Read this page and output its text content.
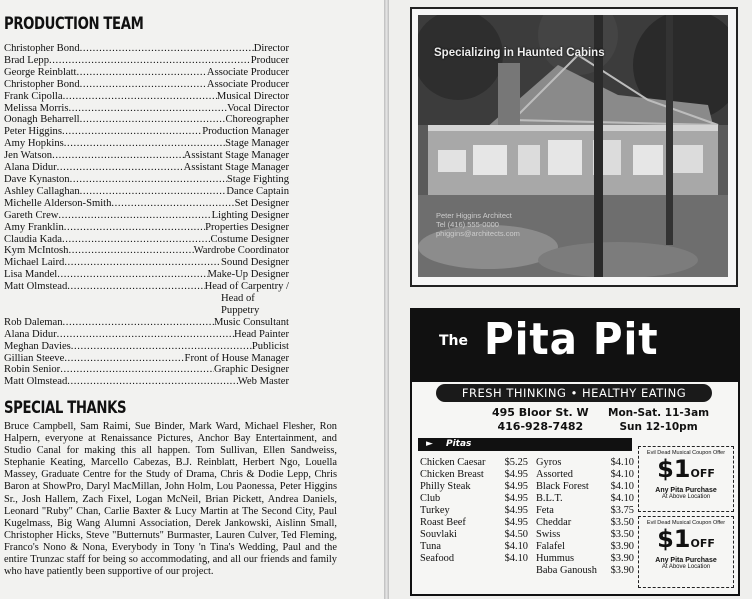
PRODUCTION TEAM
Christopher Bond .....	Director
Brad Lepp .....	Producer
George Reinblatt .....	Associate Producer
Christopher Bond .....	Associate Producer
Frank Cipolla .....	Musical Director
Melissa Morris .....	Vocal Director
Oonagh Beharrell .....	Choreographer
Peter Higgins .....	Production Manager
Amy Hopkins .....	Stage Manager
Jen Watson .....	Assistant Stage Manager
Alana Didur .....	Assistant Stage Manager
Dave Kynaston .....	Stage Fighting
Ashley Callaghan .....	Dance Captain
Michelle Alderson-Smith .....	Set Designer
Gareth Crew .....	Lighting Designer
Amy Franklin .....	Properties Designer
Claudia Kada .....	Costume Designer
Kym McIntosh .....	Wardrobe Coordinator
Michael Laird .....	Sound Designer
Lisa Mandel .....	Make-Up Designer
Matt Olmstead .....	Head of Carpentry /
Head of Puppetry
Rob Daleman .....	Music Consultant
Alana Didur .....	Head Painter
Meghan Davies .....	Publicist
Gillian Steeve .....	Front of House Manager
Robin Senior .....	Graphic Designer
Matt Olmstead .....	Web Master
SPECIAL THANKS
Bruce Campbell, Sam Raimi, Sue Binder, Mark Ward, Michael Flesher, Ron Halpern, everyone at Renaissance Pictures, Anchor Bay Entertainment, and Studio Canal for making this all happen. Tom Sullivan, Ellen Sandweiss, Stephanie Keating, Marcello Cabezas, B.J. Reinblatt, Herbert Ngo, Louella Massey, Graduate Centre for the Study of Drama, Chris & Dodie Lepp, Chris Baron at ShowPro, Daryl MacMillan, John Holm, Lou Paonessa, Peter Higgins Sr., Josh Hallem, Zach Fixel, Logan McNeil, Brian Pickett, Andrea Daniels, Leonard "Ruby" Chan, Carlie Baxter & Lucy Martin at The Second City, Paul Kugelmass, Big Wang Alumni Association, Derek Jankowski, Aislinn Small, Christopher Hicks, Steve "Butternuts" Burmaster, Lauren Culver, Ted Fleming, Franco's Nono & Nona, Everybody in Tony 'n Tina's Wedding, Paul and the entire Trunzac staff for being so accommodating, and all our friends and family who have patiently been supportive of our project.
Specializing in Haunted Cabins
Peter Higgins Architect
Tel (416) 555-0000
phiggins@architects.com
The Pita Pit
FRESH THINKING • HEALTHY EATING
495 Bloor St. W
416-928-7482
Mon-Sat. 11-3am
Sun 12-10pm
► Pitas
Chicken Caesar $5.25
Chicken Breast $4.95
Philly Steak	$4.95
Club	$4.95
Turkey	$4.95
Roast Beef	$4.95
Souvlaki	$4.50
Tuna	$4.10
Seafood	$4.10
Gyros	$4.10
Assorted	$4.10
Black Forest $4.10
B.L.T.	$4.10
Feta	$3.75
Cheddar	$3.50
Swiss	$3.50
Falafel	$3.90
Hummus	$3.90
Baba Ganoush $3.90
Evil Dead Musical Coupon Offer
$1OFF
Any Pita Purchase
At Above Location
Evil Dead Musical Coupon Offer
$1OFF
Any Pita Purchase
At Above Location
